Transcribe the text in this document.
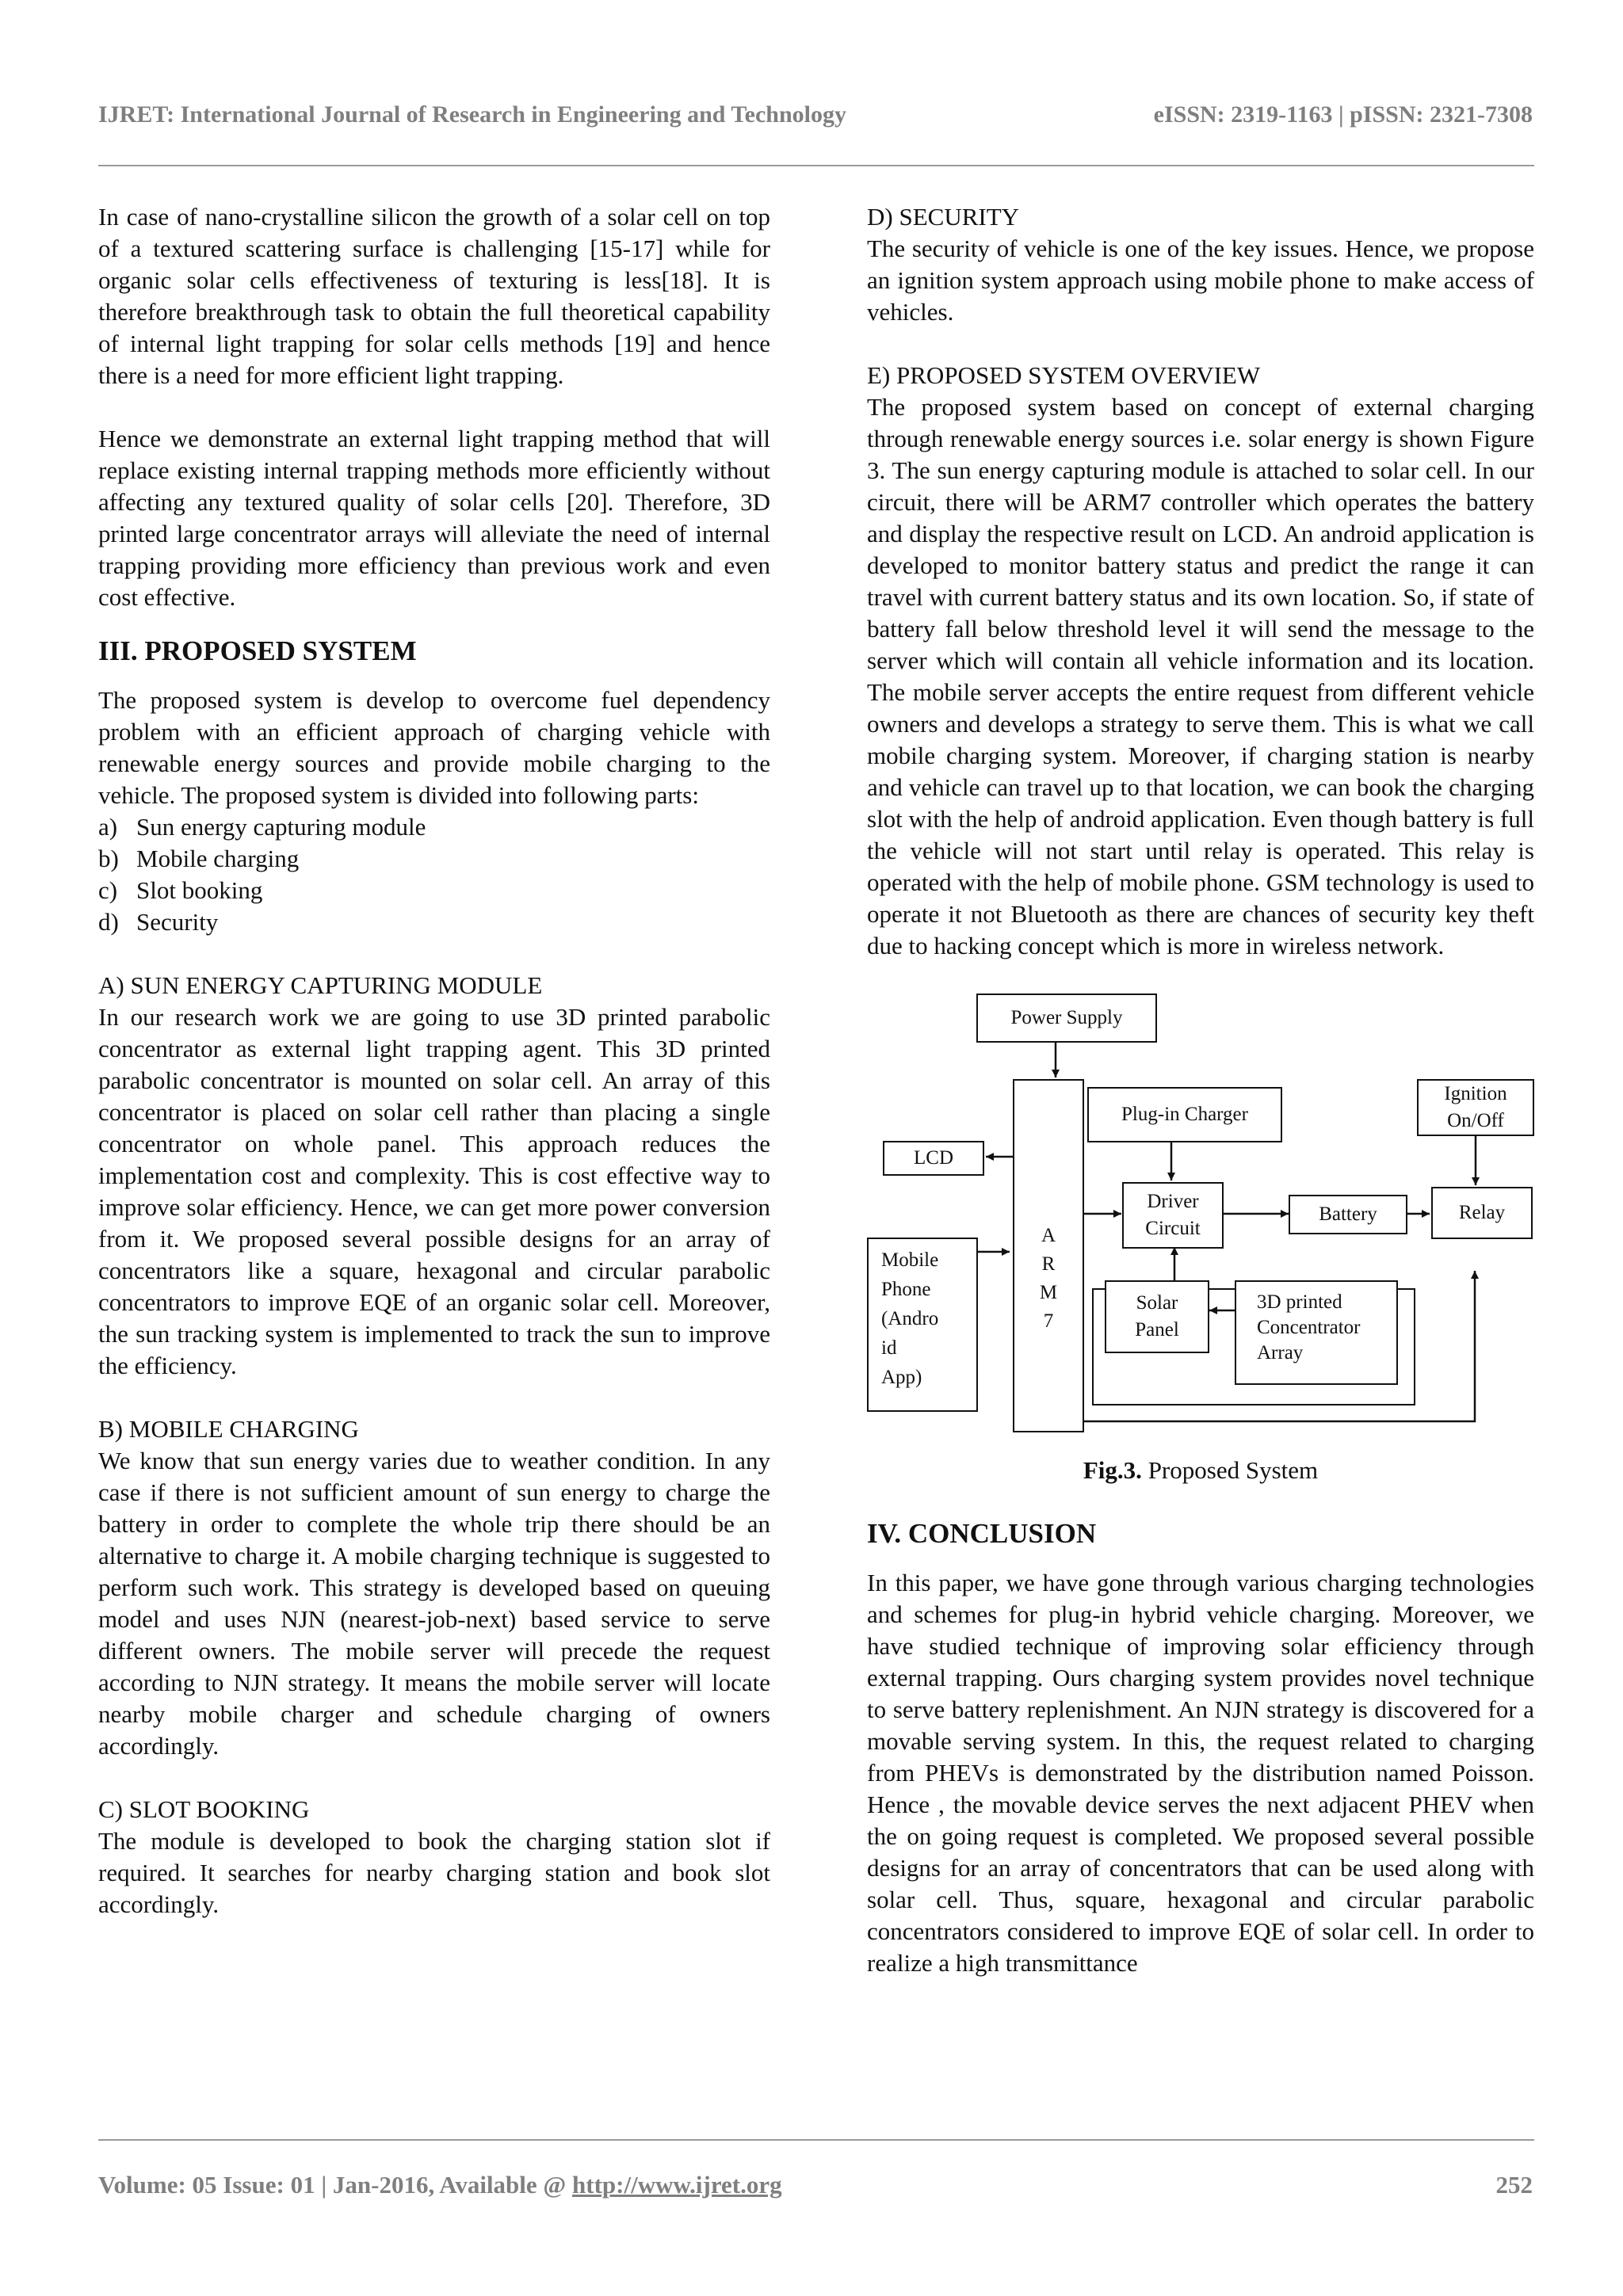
IJRET: International Journal of Research in Engineering and Technology	eISSN: 2319-1163 | pISSN: 2321-7308

In case of nano-crystalline silicon the growth of a solar cell on top of a textured scattering surface is challenging [15-17] while for organic solar cells effectiveness of texturing is less[18]. It is therefore breakthrough task to obtain the full theoretical capability of internal light trapping for solar cells methods [19] and hence there is a need for more efficient light trapping.

Hence we demonstrate an external light trapping method that will replace existing internal trapping methods more efficiently without affecting any textured quality of solar cells [20]. Therefore, 3D printed large concentrator arrays will alleviate the need of internal trapping providing more efficiency than previous work and even cost effective.

III. PROPOSED SYSTEM

The proposed system is develop to overcome fuel dependency problem with an efficient approach of charging vehicle with renewable energy sources and provide mobile charging to the vehicle. The proposed system is divided into following parts:

a) Sun energy capturing module
b) Mobile charging
c) Slot booking
d) Security

A) SUN ENERGY CAPTURING MODULE

In our research work we are going to use 3D printed parabolic concentrator as external light trapping agent. This 3D printed parabolic concentrator is mounted on solar cell. An array of this concentrator is placed on solar cell rather than placing a single concentrator on whole panel. This approach reduces the implementation cost and complexity. This is cost effective way to improve solar efficiency. Hence, we can get more power conversion from it. We proposed several possible designs for an array of concentrators like a square, hexagonal and circular parabolic concentrators to improve EQE of an organic solar cell. Moreover, the sun tracking system is implemented to track the sun to improve the efficiency.

B) MOBILE CHARGING

We know that sun energy varies due to weather condition. In any case if there is not sufficient amount of sun energy to charge the battery in order to complete the whole trip there should be an alternative to charge it. A mobile charging technique is suggested to perform such work. This strategy is developed based on queuing model and uses NJN (nearest-job-next) based service to serve different owners. The mobile server will precede the request according to NJN strategy. It means the mobile server will locate nearby mobile charger and schedule charging of owners accordingly.

C) SLOT BOOKING

The module is developed to book the charging station slot if required. It searches for nearby charging station and book slot accordingly.

D) SECURITY

The security of vehicle is one of the key issues. Hence, we propose an ignition system approach using mobile phone to make access of vehicles.

E) PROPOSED SYSTEM OVERVIEW

The proposed system based on concept of external charging through renewable energy sources i.e. solar energy is shown Figure 3. The sun energy capturing module is attached to solar cell. In our circuit, there will be ARM7 controller which operates the battery and display the respective result on LCD. An android application is developed to monitor battery status and predict the range it can travel with current battery status and its own location. So, if state of battery fall below threshold level it will send the message to the server which will contain all vehicle information and its location. The mobile server accepts the entire request from different vehicle owners and develops a strategy to serve them. This is what we call mobile charging system. Moreover, if charging station is nearby and vehicle can travel up to that location, we can book the charging slot with the help of android application. Even though battery is full the vehicle will not start until relay is operated. This relay is operated with the help of mobile phone. GSM technology is used to operate it not Bluetooth as there are chances of security key theft due to hacking concept which is more in wireless network.

Power Supply
A
R
M
7
Plug-in Charger
Ignition
On/Off
LCD
Driver
Circuit
Battery	Relay
Mobile
Phone
(Andro
id
App)
Solar
Panel
3D printed
Concentrator
Array

Fig.3. Proposed System

IV. CONCLUSION

In this paper, we have gone through various charging technologies and schemes for plug-in hybrid vehicle charging. Moreover, we have studied technique of improving solar efficiency through external trapping. Ours charging system provides novel technique to serve battery replenishment. An NJN strategy is discovered for a movable serving system. In this, the request related to charging from PHEVs is demonstrated by the distribution named Poisson. Hence , the movable device serves the next adjacent PHEV when the on going request is completed. We proposed several possible designs for an array of concentrators that can be used along with solar cell. Thus, square, hexagonal and circular parabolic concentrators considered to improve EQE of solar cell. In order to realize a high transmittance

Volume: 05 Issue: 01 | Jan-2016, Available @ http://www.ijret.org	252
